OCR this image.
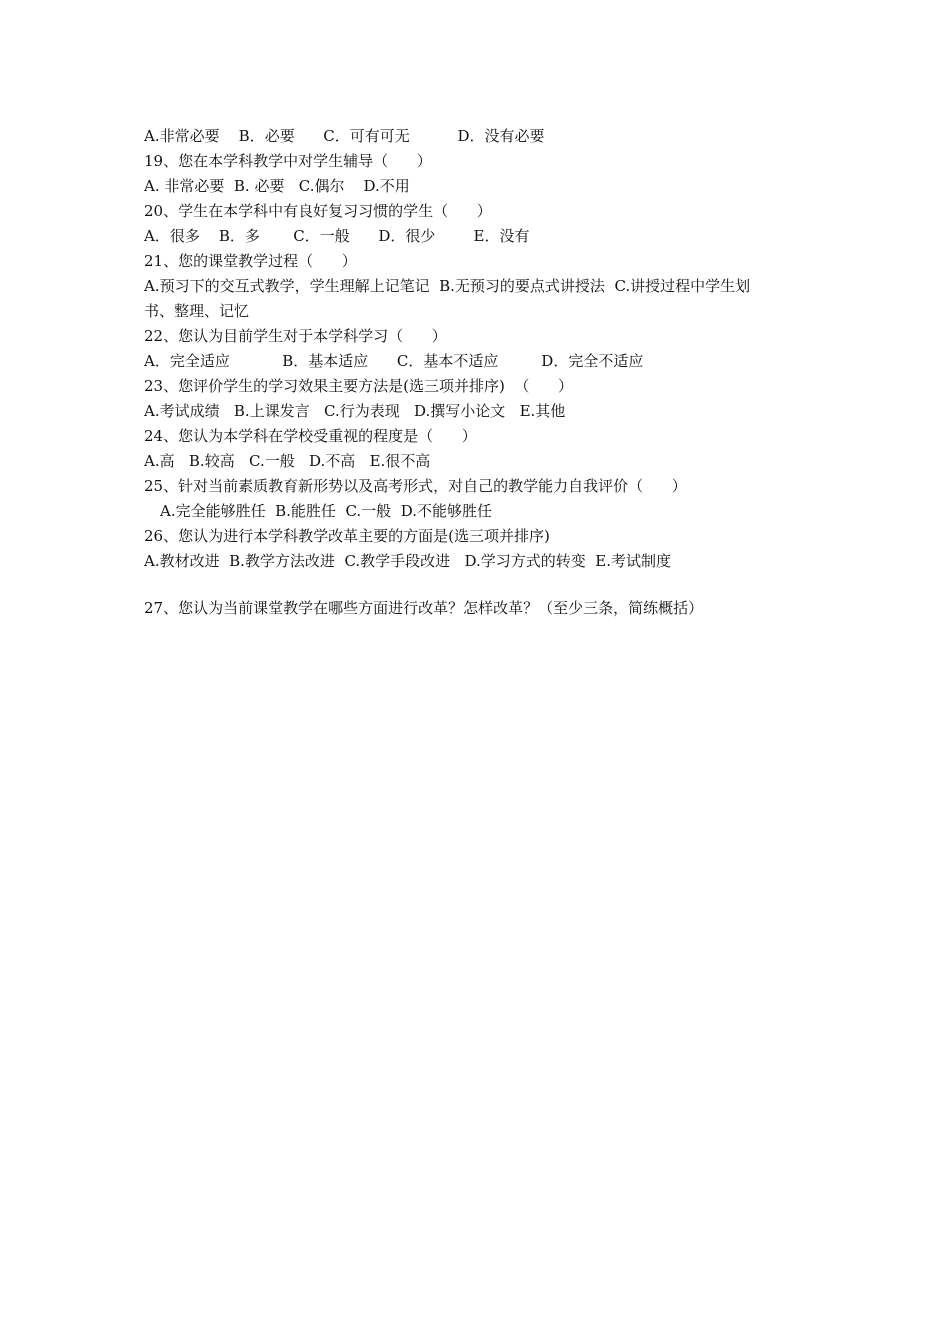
A.非常必要    B．必要      C．可有可无          D．没有必要
19、您在本学科教学中对学生辅导（      ）
A. 非常必要  B. 必要   C.偶尔    D.不用
20、学生在本学科中有良好复习习惯的学生（      ）
A．很多    B．多       C．一般      D．很少        E．没有
21、您的课堂教学过程（      ）
A.预习下的交互式教学，学生理解上记笔记  B.无预习的要点式讲授法  C.讲授过程中学生划
书、整理、记忆
22、您认为目前学生对于本学科学习（      ）
A．完全适应           B．基本适应      C．基本不适应         D．完全不适应
23、您评价学生的学习效果主要方法是(选三项并排序)  （      ）
A.考试成绩   B.上课发言   C.行为表现   D.撰写小论文   E.其他
24、您认为本学科在学校受重视的程度是（      ）
A.高   B.较高   C.一般   D.不高   E.很不高
25、针对当前素质教育新形势以及高考形式，对自己的教学能力自我评价（      ）
A.完全能够胜任  B.能胜任  C.一般  D.不能够胜任
26、您认为进行本学科教学改革主要的方面是(选三项并排序)
A.教材改进  B.教学方法改进  C.教学手段改进   D.学习方式的转变  E.考试制度
27、您认为当前课堂教学在哪些方面进行改革？怎样改革？（至少三条，简练概括）
